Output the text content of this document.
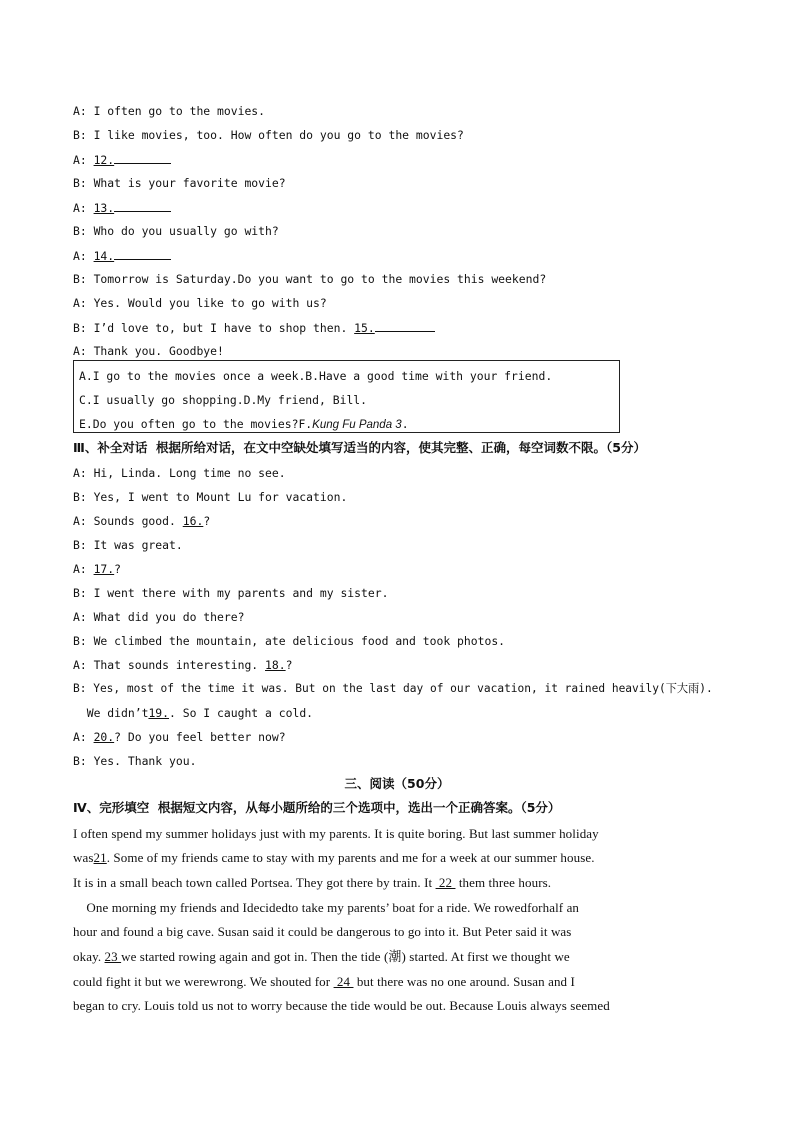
A: I often go to the movies.
B: I like movies, too. How often do you go to the movies?
A: 12.
B: What is your favorite movie?
A: 13.
B: Who do you usually go with?
A: 14.
B: Tomorrow is Saturday.Do you want to go to the movies this weekend?
A: Yes. Would you like to go with us?
B: I’d love to, but I have to shop then. 15.
A: Thank you. Goodbye!
A.I go to the movies once a week.B.Have a good time with your friend.
C.I usually go shopping.D.My friend, Bill.
E.Do you often go to the movies?F.Kung Fu Panda 3.
Ⅲ、补全对话  根据所给对话，在文中空缺处填写适当的内容，使其完整、正确，每空词数不限。（5分）
A: Hi, Linda. Long time no see.
B: Yes, I went to Mount Lu for vacation.
A: Sounds good. 16.?
B: It was great.
A: 17.?
B: I went there with my parents and my sister.
A: What did you do there?
B: We climbed the mountain, ate delicious food and took photos.
A: That sounds interesting. 18.?
B: Yes, most of the time it was. But on the last day of our vacation, it rained heavily(下大雨).
We didn’t19.. So I caught a cold.
A: 20.? Do you feel better now?
B: Yes. Thank you.
三、阅读（50分）
Ⅳ、完形填空  根据短文内容，从每小题所给的三个选项中，选出一个正确答案。（5分）
I often spend my summer holidays just with my parents. It is quite boring. But last summer holiday
was21. Some of my friends came to stay with my parents and me for a week at our summer house.
It is in a small beach town called Portsea. They got there by train. It  22  them three hours.
One morning my friends and Idecidedto take my parents’ boat for a ride. We rowedforhalf an
hour and found a big cave. Susan said it could be dangerous to go into it. But Peter said it was
okay. 23 we started rowing again and got in. Then the tide (潮) started. At first we thought we
could fight it but we werewrong. We shouted for  24  but there was no one around. Susan and I
began to cry. Louis told us not to worry because the tide would be out. Because Louis always seemed
